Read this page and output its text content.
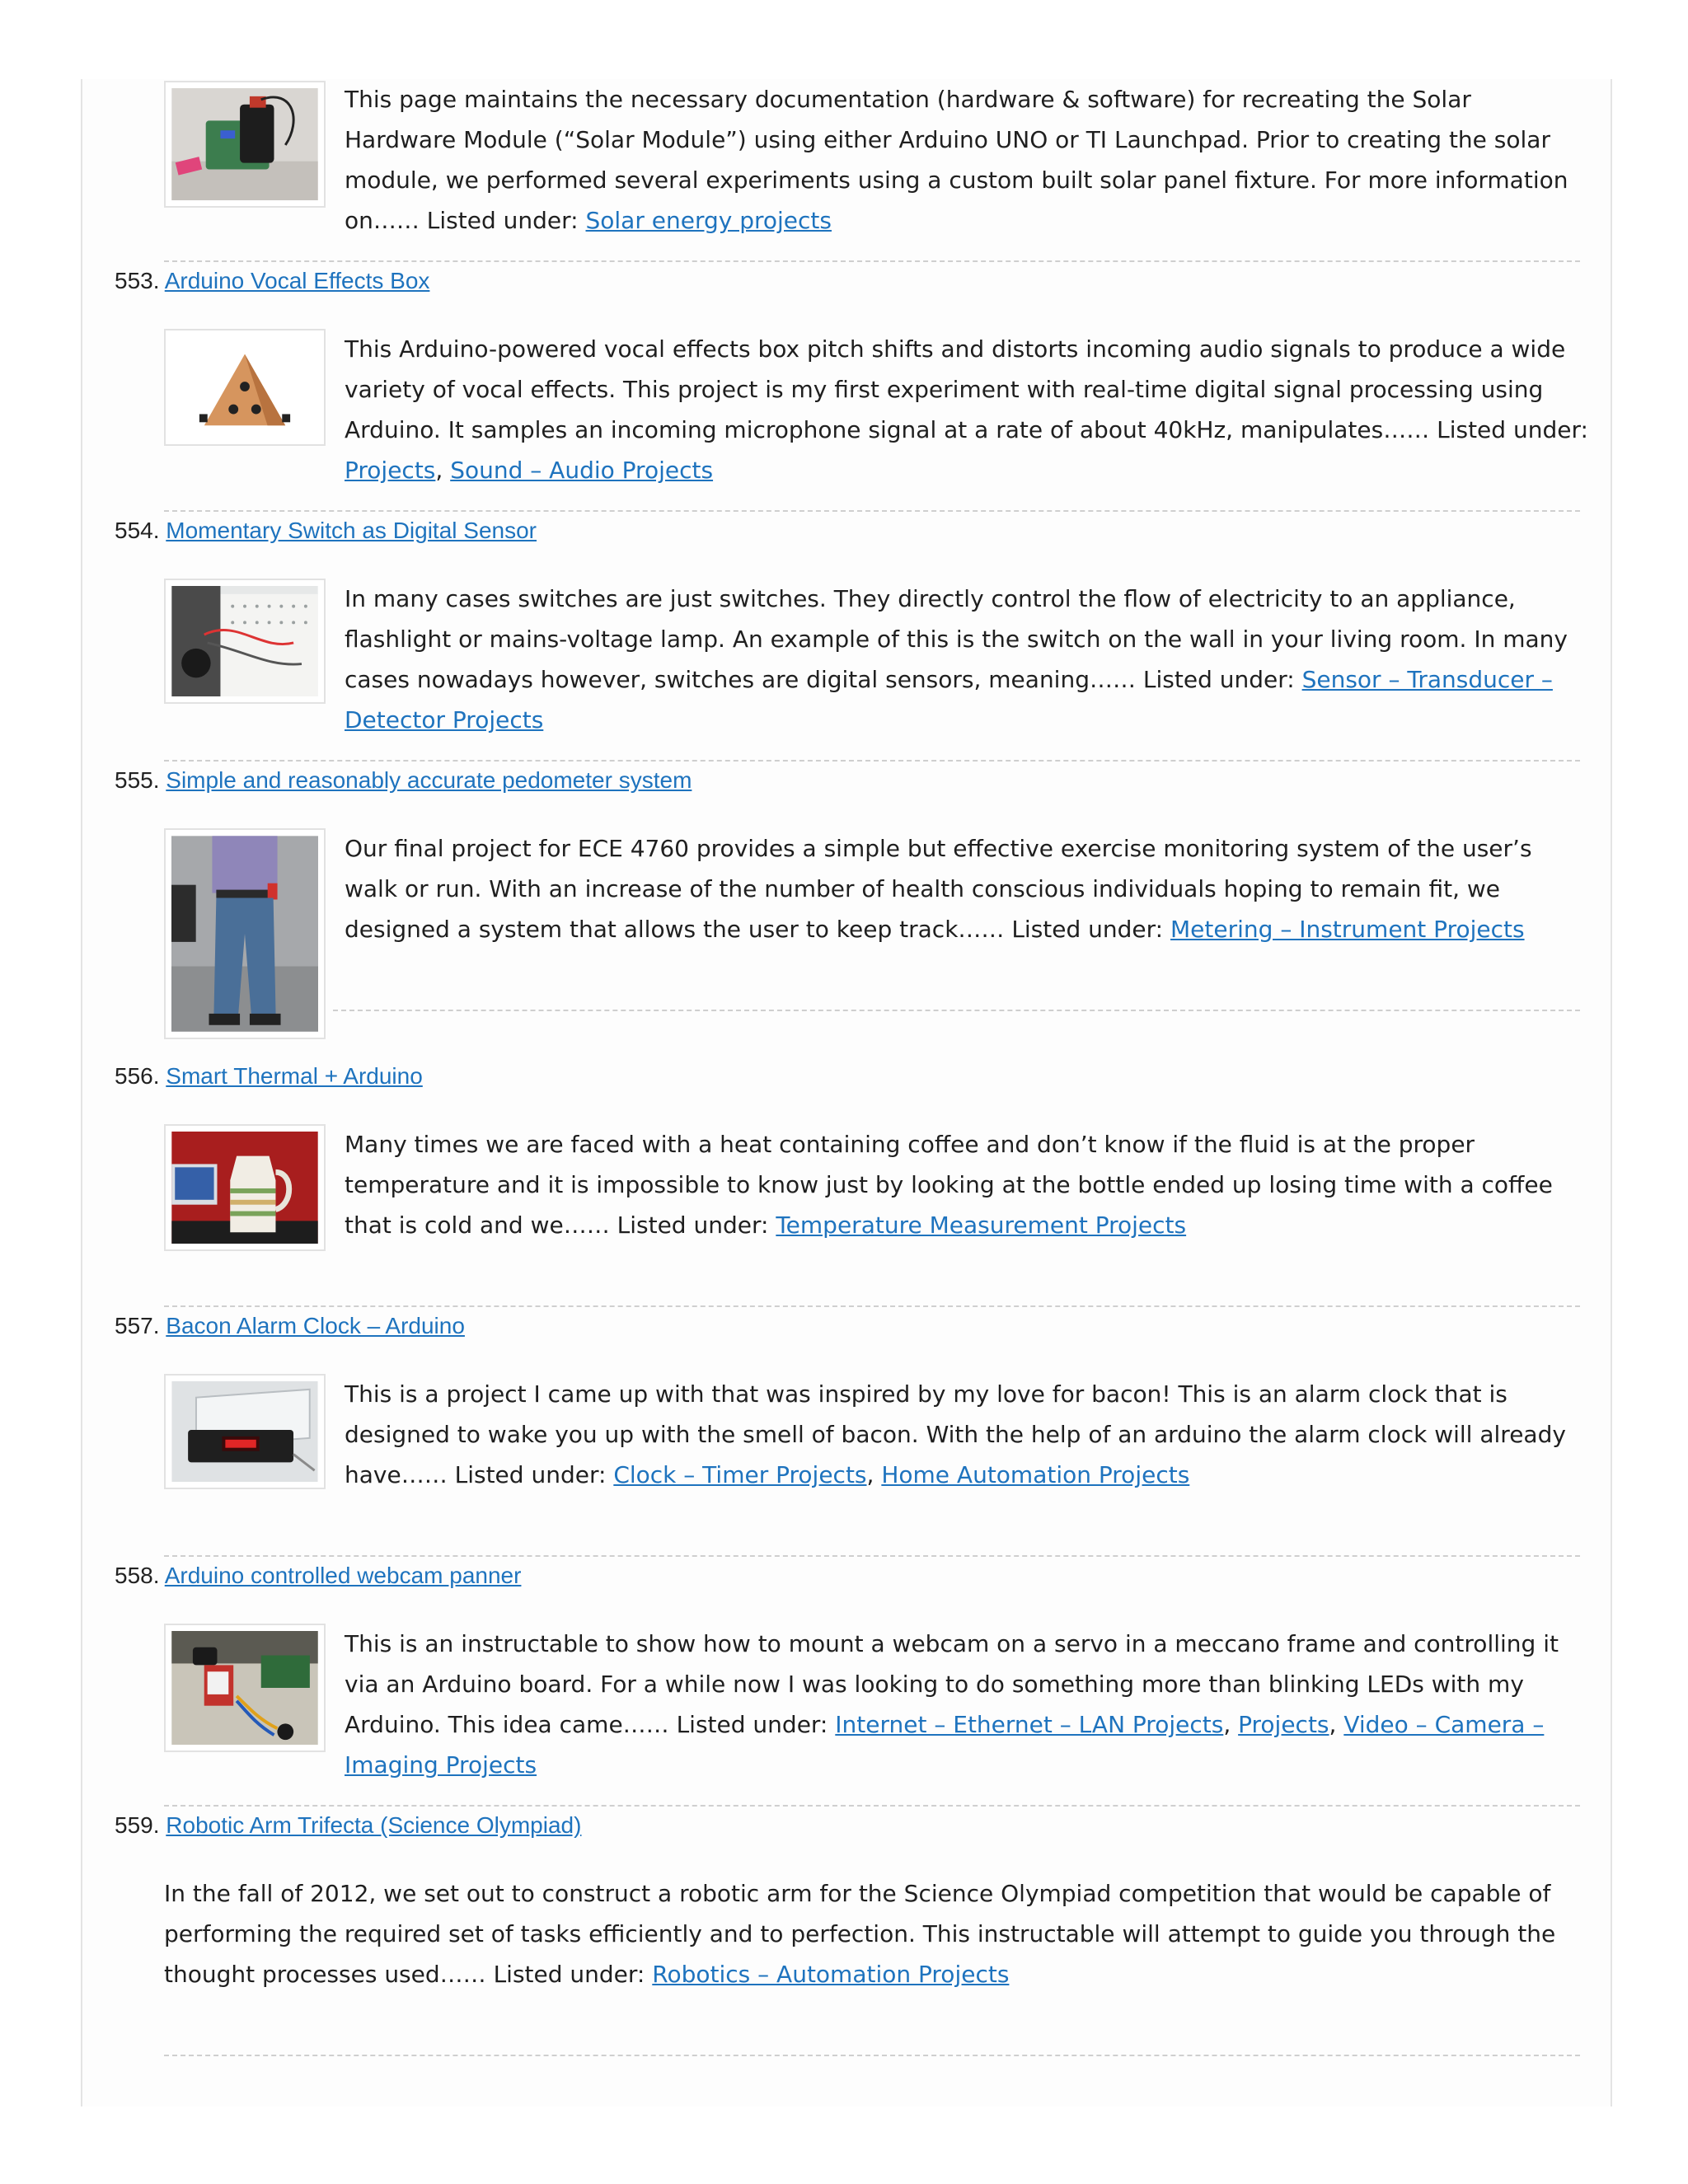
This page maintains the necessary documentation (hardware & software) for recreating the Solar Hardware Module (“Solar Module”) using either Arduino UNO or TI Launchpad. Prior to creating the solar module, we performed several experiments using a custom built solar panel fixture. For more information on…… Listed under: Solar energy projects
553. Arduino Vocal Effects Box
This Arduino-powered vocal effects box pitch shifts and distorts incoming audio signals to produce a wide variety of vocal effects. This project is my first experiment with real-time digital signal processing using Arduino. It samples an incoming microphone signal at a rate of about 40kHz, manipulates…… Listed under: Projects, Sound – Audio Projects
554. Momentary Switch as Digital Sensor
In many cases switches are just switches. They directly control the flow of electricity to an appliance, flashlight or mains-voltage lamp. An example of this is the switch on the wall in your living room. In many cases nowadays however, switches are digital sensors, meaning…… Listed under: Sensor – Transducer – Detector Projects
555. Simple and reasonably accurate pedometer system
Our final project for ECE 4760 provides a simple but effective exercise monitoring system of the user’s walk or run. With an increase of the number of health conscious individuals hoping to remain fit, we designed a system that allows the user to keep track…… Listed under: Metering – Instrument Projects
556. Smart Thermal + Arduino
Many times we are faced with a heat containing coffee and don’t know if the fluid is at the proper temperature and it is impossible to know just by looking at the bottle ended up losing time with a coffee that is cold and we…… Listed under: Temperature Measurement Projects
557. Bacon Alarm Clock – Arduino
This is a project I came up with that was inspired by my love for bacon! This is an alarm clock that is designed to wake you up with the smell of bacon. With the help of an arduino the alarm clock will already have…… Listed under: Clock – Timer Projects, Home Automation Projects
558. Arduino controlled webcam panner
This is an instructable to show how to mount a webcam on a servo in a meccano frame and controlling it via an Arduino board. For a while now I was looking to do something more than blinking LEDs with my Arduino. This idea came…… Listed under: Internet – Ethernet – LAN Projects, Projects, Video – Camera – Imaging Projects
559. Robotic Arm Trifecta (Science Olympiad)
In the fall of 2012, we set out to construct a robotic arm for the Science Olympiad competition that would be capable of performing the required set of tasks efficiently and to perfection. This instructable will attempt to guide you through the thought processes used…… Listed under: Robotics – Automation Projects
